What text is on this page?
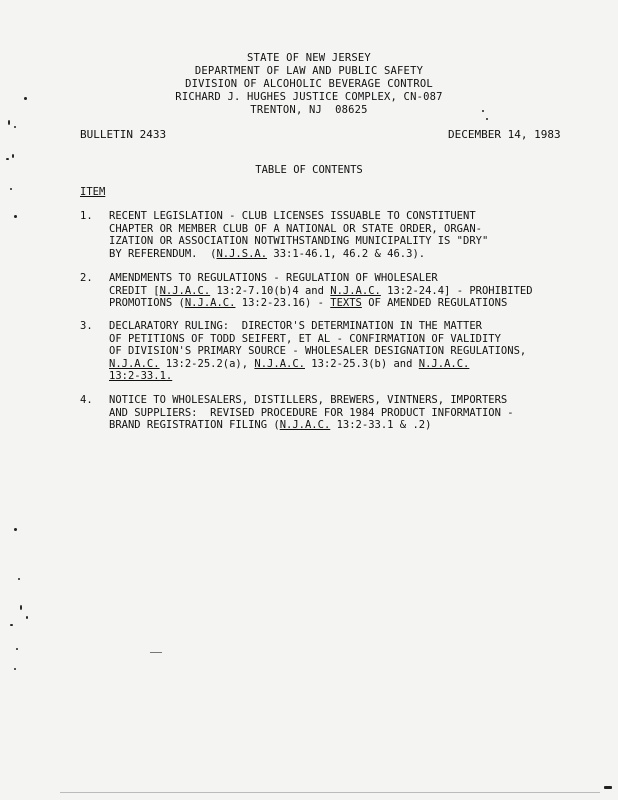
STATE OF NEW JERSEY
DEPARTMENT OF LAW AND PUBLIC SAFETY
DIVISION OF ALCOHOLIC BEVERAGE CONTROL
RICHARD J. HUGHES JUSTICE COMPLEX, CN-087
TRENTON, NJ  08625
BULLETIN 2433	DECEMBER 14, 1983
TABLE OF CONTENTS
ITEM
1. RECENT LEGISLATION - CLUB LICENSES ISSUABLE TO CONSTITUENT
CHAPTER OR MEMBER CLUB OF A NATIONAL OR STATE ORDER, ORGAN-
IZATION OR ASSOCIATION NOTWITHSTANDING MUNICIPALITY IS "DRY"
BY REFERENDUM.  (N.J.S.A. 33:1-46.1, 46.2 & 46.3).
2. AMENDMENTS TO REGULATIONS - REGULATION OF WHOLESALER
CREDIT [N.J.A.C. 13:2-7.10(b)4 and N.J.A.C. 13:2-24.4] - PROHIBITED
PROMOTIONS (N.J.A.C. 13:2-23.16) - TEXTS OF AMENDED REGULATIONS
3. DECLARATORY RULING:  DIRECTOR'S DETERMINATION IN THE MATTER
OF PETITIONS OF TODD SEIFERT, ET AL - CONFIRMATION OF VALIDITY
OF DIVISION'S PRIMARY SOURCE - WHOLESALER DESIGNATION REGULATIONS,
N.J.A.C. 13:2-25.2(a), N.J.A.C. 13:2-25.3(b) and N.J.A.C.
13:2-33.1.
4. NOTICE TO WHOLESALERS, DISTILLERS, BREWERS, VINTNERS, IMPORTERS
AND SUPPLIERS:  REVISED PROCEDURE FOR 1984 PRODUCT INFORMATION -
BRAND REGISTRATION FILING (N.J.A.C. 13:2-33.1 & .2)
